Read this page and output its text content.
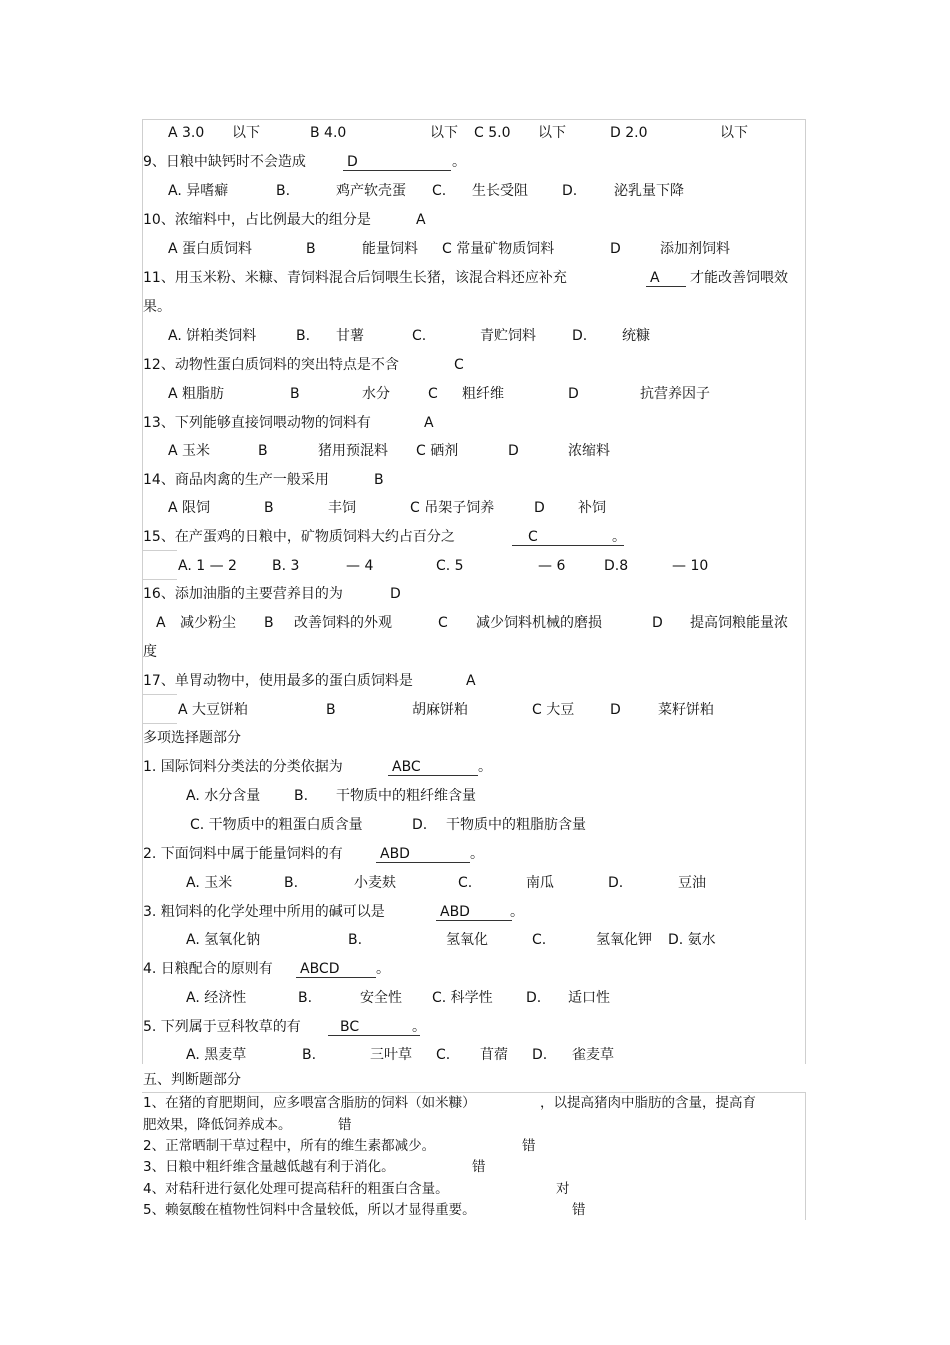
A 3.0 以下	B 4.0	以下 C 5.0 以下	D 2.0	以下
9、日粮中缺钙时不会造成	D	。
A. 异嗜癖	B.	鸡产软壳蛋 C. 生长受阻 D.	泌乳量下降
10、浓缩料中，占比例最大的组分是	A
A 蛋白质饲料	B	能量饲料 C 常量矿物质饲料	D	添加剂饲料
11、用玉米粉、米糠、青饲料混合后饲喂生长猪，该混合料还应补充	A	才能改善饲喂效
果。
A. 饼粕类饲料	B. 甘薯	C.	青贮饲料	D. 统糠
12、动物性蛋白质饲料的突出特点是不含	C
A 粗脂肪	B	水分	C 粗纤维	D	抗营养因子
13、下列能够直接饲喂动物的饲料有	A
A 玉米	B	猪用预混料 C 硒剂	D	浓缩料
14、商品肉禽的生产一般采用	B
A 限饲	B	丰饲	C 吊架子饲养	D 补饲
15、在产蛋鸡的日粮中，矿物质饲料大约占百分之	C	。
A. 1 — 2	B. 3	— 4	C. 5	— 6	D.8	— 10
16、添加油脂的主要营养目的为	D
A 减少粉尘 B 改善饲料的外观	C 减少饲料机械的磨损	D 提高饲粮能量浓
度
17、单胃动物中，使用最多的蛋白质饲料是	A
A 大豆饼粕	B	胡麻饼粕	C 大豆	D	菜籽饼粕
多项选择题部分
1. 国际饲料分类法的分类依据为	ABC	。
A. 水分含量 B. 干物质中的粗纤维含量
C. 干物质中的粗蛋白质含量	D. 干物质中的粗脂肪含量
2. 下面饲料中属于能量饲料的有	ABD	。
A. 玉米	B.	小麦麸	C.	南瓜	D.	豆油
3. 粗饲料的化学处理中所用的碱可以是	ABD	。
A. 氢氧化钠	B.	氢氧化	C.	氢氧化钾 D. 氨水
4. 日粮配合的原则有 ABCD	。
A. 经济性	B.	安全性 C. 科学性 D. 适口性
5. 下列属于豆科牧草的有	BC	。
A. 黑麦草	B.	三叶草 C. 苜蓿 D. 雀麦草
五、判断题部分
1、在猪的育肥期间，应多喂富含脂肪的饲料（如米糠）	，以提高猪肉中脂肪的含量，提高育
肥效果，降低饲养成本。	错
2、正常晒制干草过程中，所有的维生素都减少。	错
3、日粮中粗纤维含量越低越有利于消化。	错
4、对秸秆进行氨化处理可提高秸秆的粗蛋白含量。	对
5、赖氨酸在植物性饲料中含量较低，所以才显得重要。	错
